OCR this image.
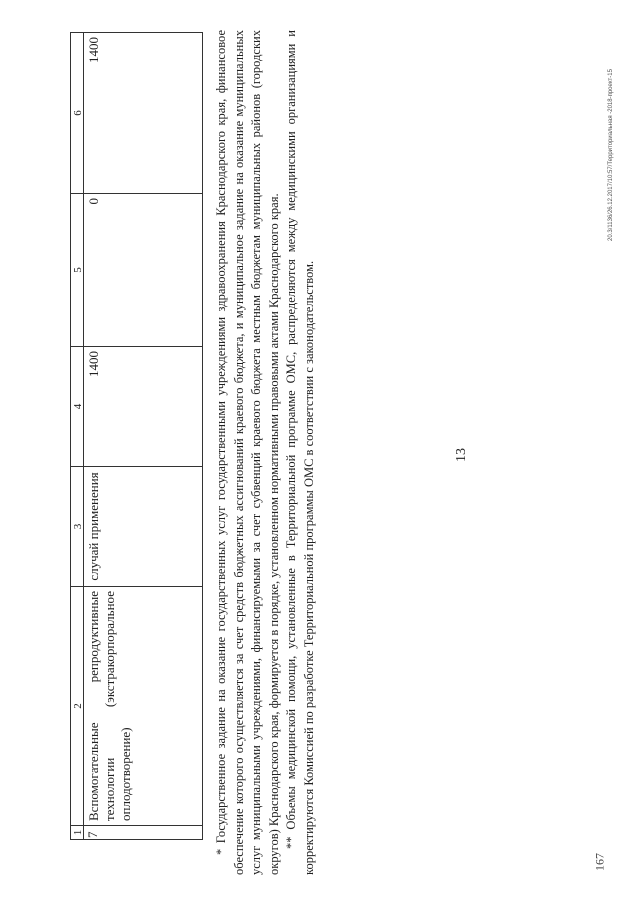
13
20.3/1136/26.12.2017/10:57/Территориальная -2018-проект-15
167
1
2
3
4
5
6
7
Вспомогательные репродуктивные технологии (экстракорпоральное оплодотворение)
случай применения
1400
0
1400	* Государственное задание на оказание государственных услуг государственными учреждениями здравоохранения Краснодарского края, финансовое обеспечение которого осуществляется за счет средств бюджетных ассигнований краевого бюджета, и муниципальное задание на оказание муниципальных услуг муниципальными учреждениями, финансируемыми за счет субвенций краевого бюджета местным бюджетам муниципальных районов (городских округов) Краснодарского края, формируется в порядке, установленном нормативными правовыми актами Краснодарского края. ** Объемы медицинской помощи, установленные в Территориальной программе ОМС, распределяются между медицинскими организациями и корректируются Комиссией по разработке Территориальной программы ОМС в соответствии с законодательством.
